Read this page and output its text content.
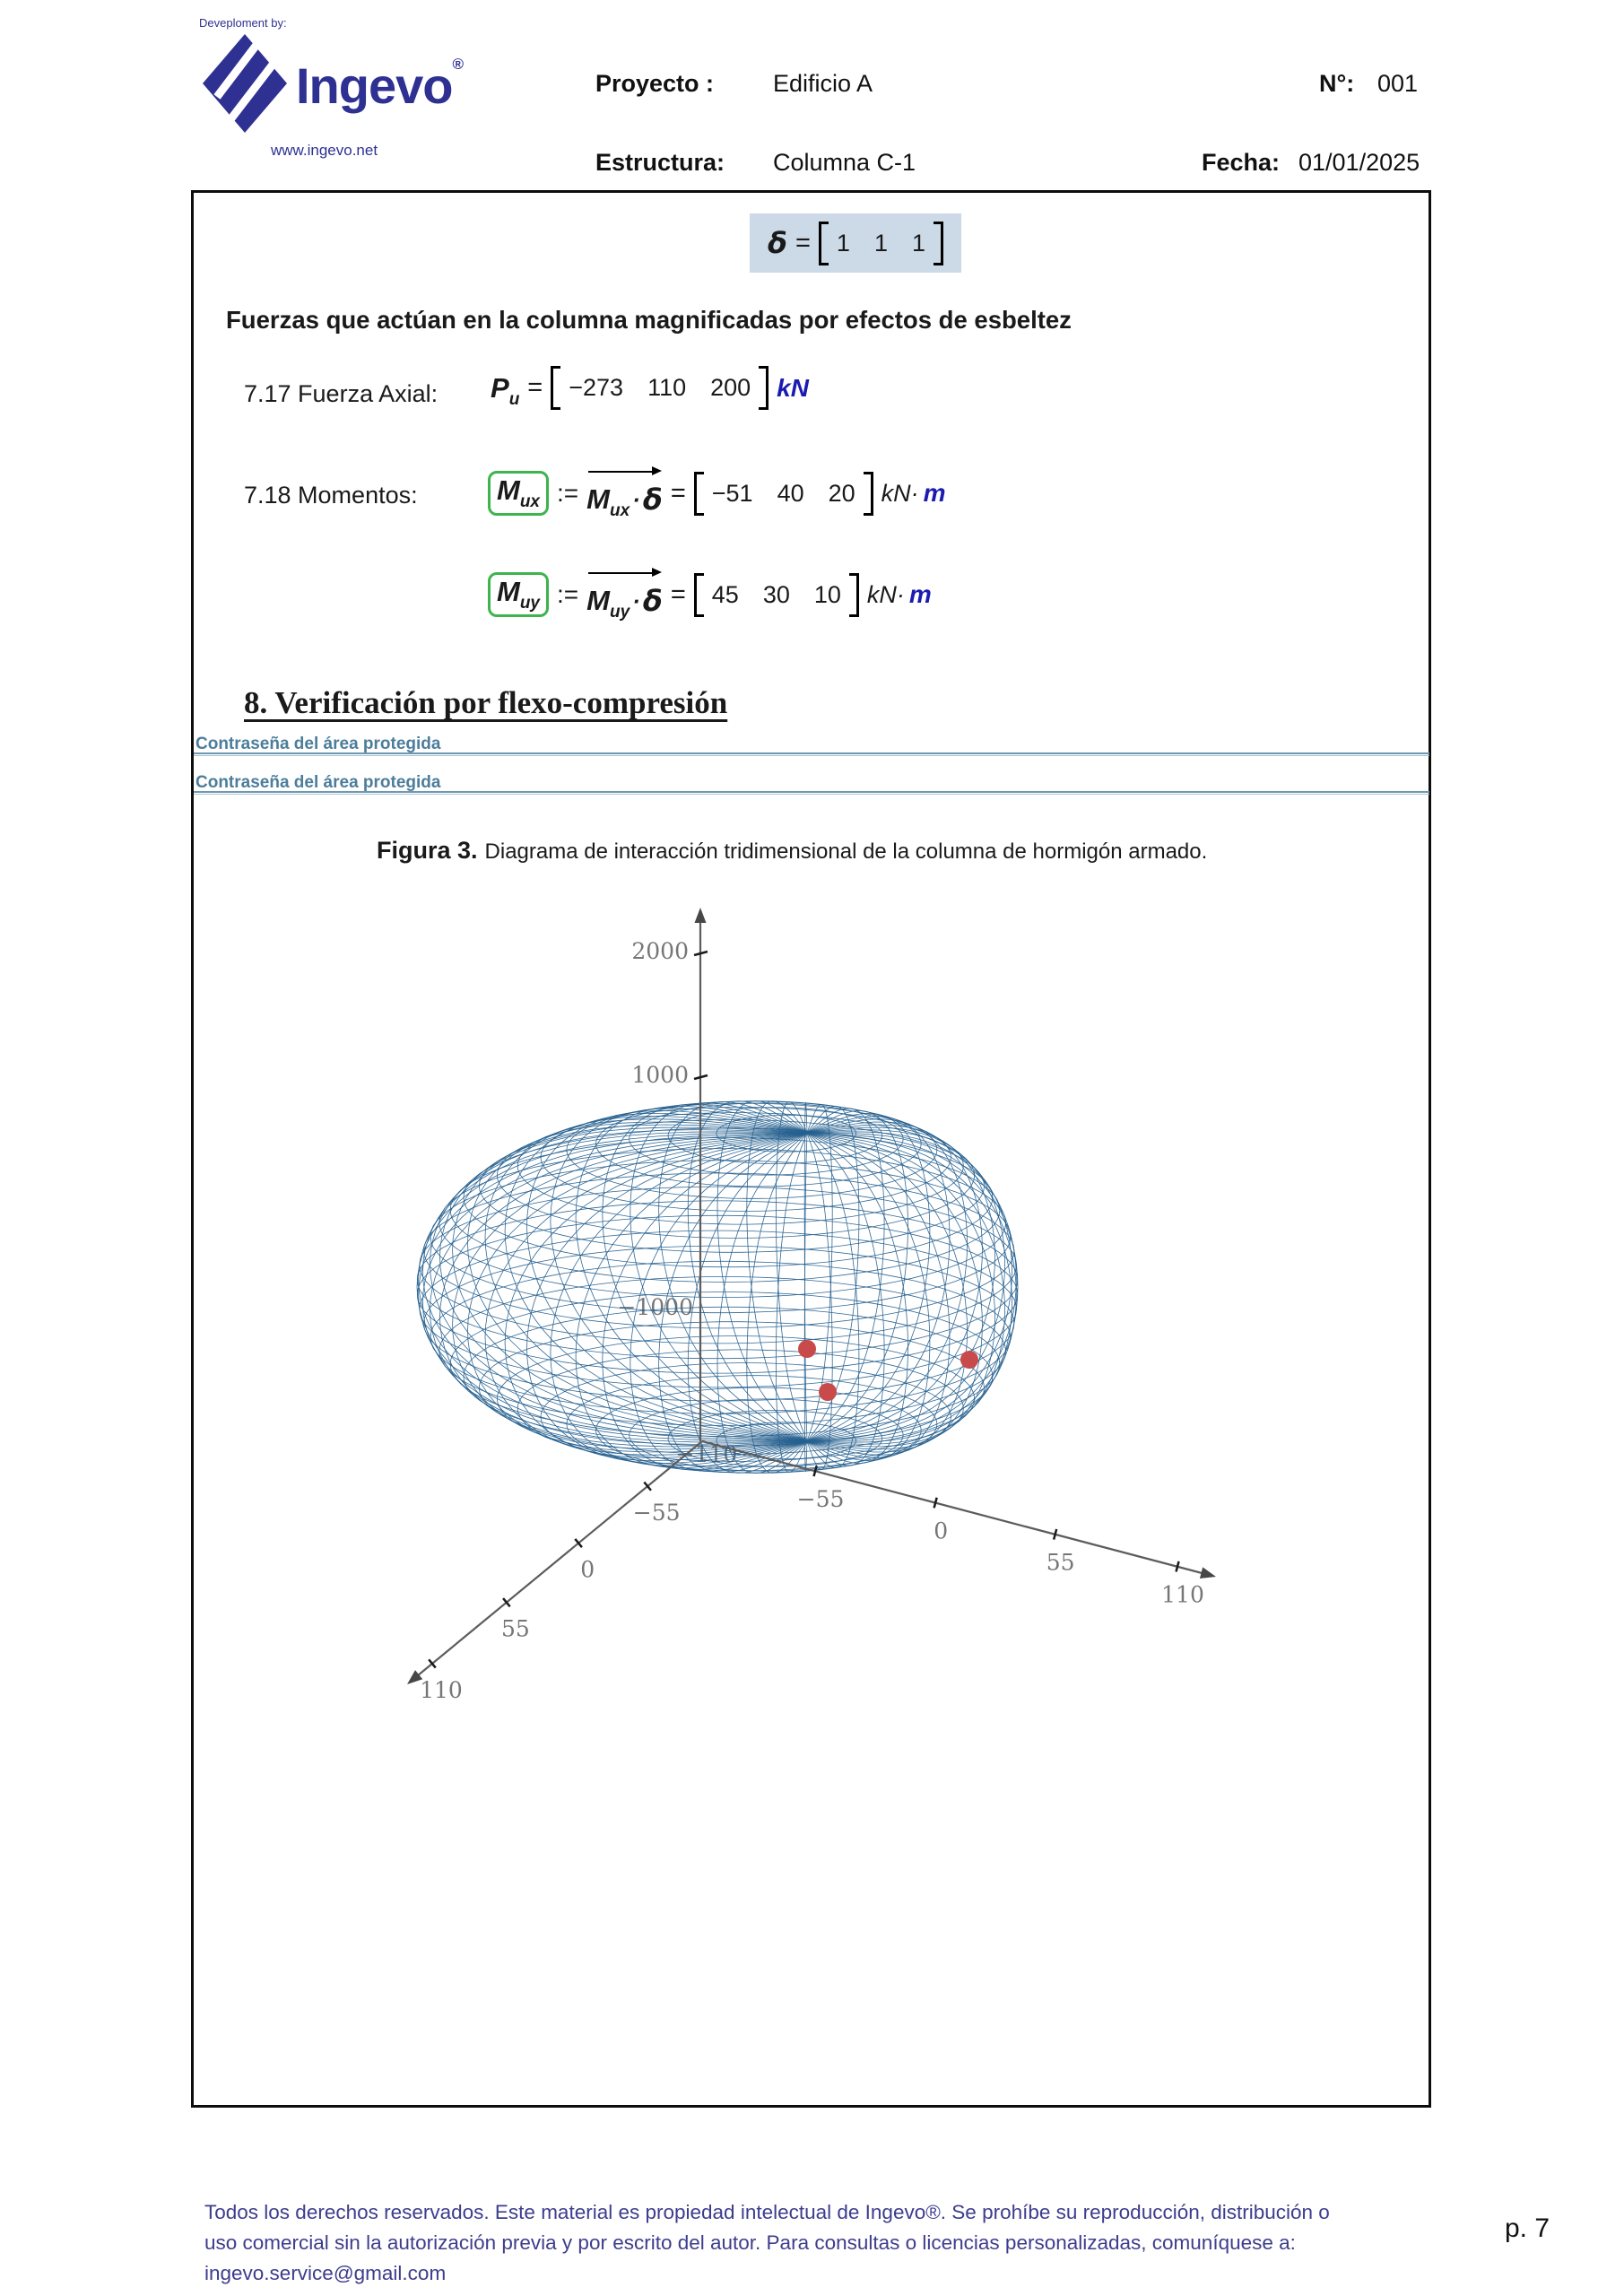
Deveploment by:
Ingevo®
www.ingevo.net
Proyecto : Edificio A	N°: 001
Estructura: Columna C-1	Fecha: 01/01/2025
δ = 1 1 1
Fuerzas que actúan en la columna magnificadas por efectos de esbeltez
7.17 Fuerza Axial: P u = −273 110 200 kN
7.18 Momentos:	M ux := M ux · δ = −51 40 20 kN· m
M uy := M uy · δ = 45 30 10 kN· m
8. Verificación por flexo-compresión
Contraseña del área protegida
Contraseña del área protegida
Figura 3. Diagrama de interacción tridimensional de la columna de hormigón armado.
−1000
−110
2000
1000
−55
0
55
110
−55
0
55
110
Todos los derechos reservados. Este material es propiedad intelectual de Ingevo®. Se prohíbe su reproducción, distribución o
uso comercial sin la autorización previa y por escrito del autor. Para consultas o licencias personalizadas, comuníquese a:
ingevo.service@gmail.com
p. 7
